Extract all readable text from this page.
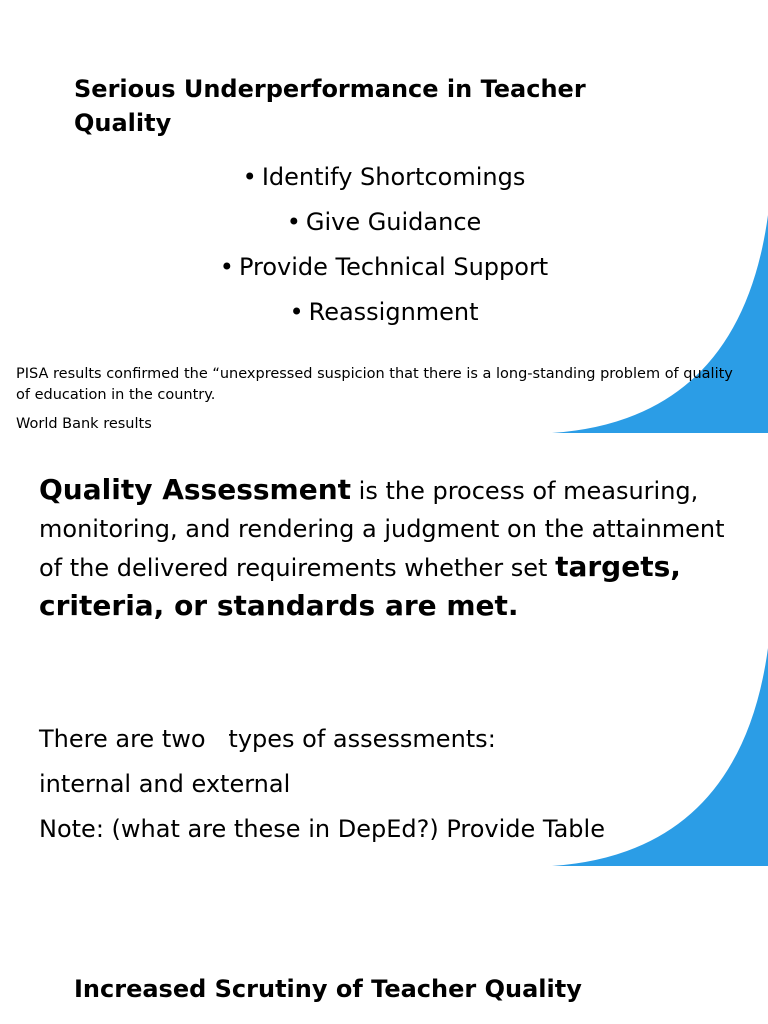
Serious Underperformance in Teacher Quality
• Identify Shortcomings
• Give Guidance
• Provide Technical Support
• Reassignment

PISA results confirmed the “unexpressed suspicion that there is a long-standing problem of quality of education in the country.

World Bank results

Quality Assessment is the process of measuring, monitoring, and rendering a judgment on the attainment of the delivered requirements whether set targets, criteria, or standards are met.

There are two   types of assessments:

internal and external

Note: (what are these in DepEd?) Provide Table

Increased Scrutiny of Teacher Quality
